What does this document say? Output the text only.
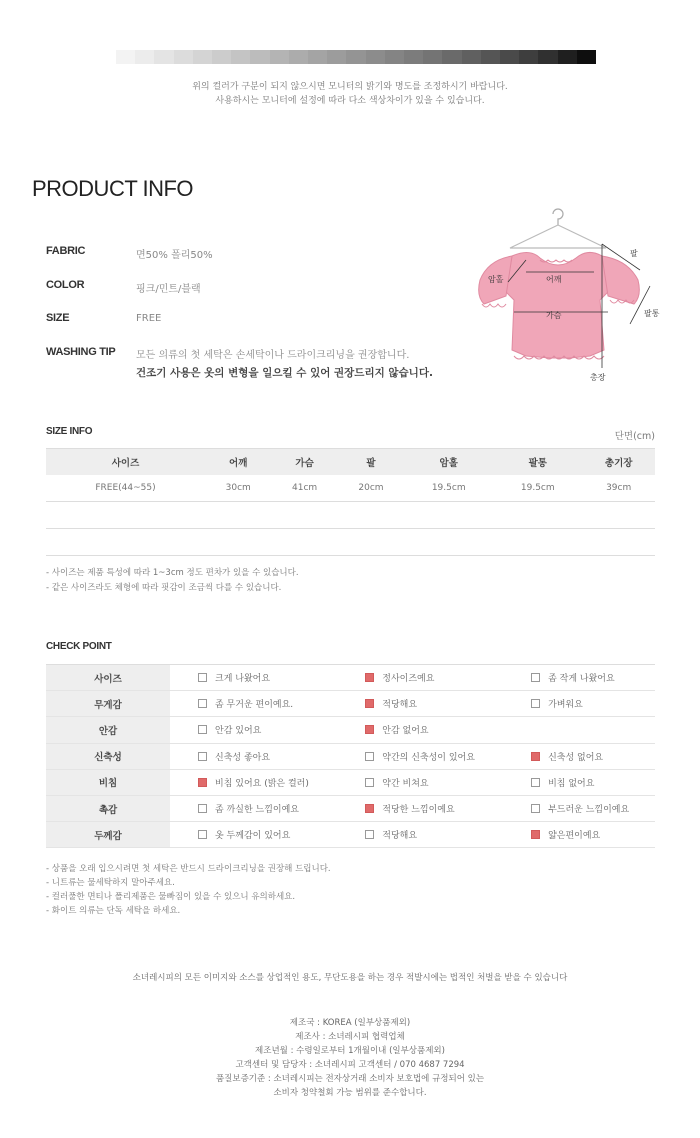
위의 컬러가 구분이 되지 않으시면 모니터의 밝기와 명도를 조정하시기 바랍니다.
사용하시는 모니터에 설정에 따라 다소 색상차이가 있을 수 있습니다.
PRODUCT INFO
FABRIC	면50% 폴리50%
COLOR	핑크/민트/블랙
SIZE	FREE
WASHING TIP 모든 의류의 첫 세탁은 손세탁이나 드라이크리닝을 권장합니다.
건조기 사용은 옷의 변형을 일으킬 수 있어 권장드리지 않습니다.
팔
암홀	어깨
가슴	팔통
총장
SIZE INFO	단면(cm)
사이즈	어깨	가슴	팔	암홀	팔통	총기장
FREE(44~55)	30cm	41cm	20cm	19.5cm	19.5cm	39cm
- 사이즈는 제품 특성에 따라 1~3cm 정도 편차가 있을 수 있습니다.
- 같은 사이즈라도 체형에 따라 핏감이 조금씩 다를 수 있습니다.
CHECK POINT
사이즈	크게 나왔어요	정사이즈예요	좀 작게 나왔어요
무게감	좀 무거운 편이예요.	적당해요	가벼워요
안감	안감 있어요	안감 없어요	
신축성	신축성 좋아요	약간의 신축성이 있어요	신축성 없어요
비침	비침 있어요 (밝은 컬러)	약간 비쳐요	비침 없어요
촉감	좀 까실한 느낌이예요	적당한 느낌이예요	부드러운 느낌이예요
두께감	옷 두께감이 있어요	적당해요	얇은편이예요
- 상품을 오래 입으시려면 첫 세탁은 반드시 드라이크리닝을 권장해 드립니다.
- 니트류는 물세탁하지 말아주세요.
- 컬러풀한 면티나 폴리제품은 물빠짐이 있을 수 있으니 유의하세요.
- 화이트 의류는 단독 세탁을 하세요.
소녀레시피의 모든 이미지와 소스를 상업적인 용도, 무단도용을 하는 경우 적발시에는 법적인 처벌을 받을 수 있습니다
제조국 : KOREA (일부상품제외)
제조사 : 소녀레시피 협력업체
제조년월 : 수령일로부터 1개월이내 (일부상품제외)
고객센터 및 담당자 : 소녀레시피 고객센터 / 070 4687 7294
품질보증기준 : 소녀레시피는 전자상거래 소비자 보호법에 규정되어 있는
소비자 청약철회 가능 범위를 준수합니다.
